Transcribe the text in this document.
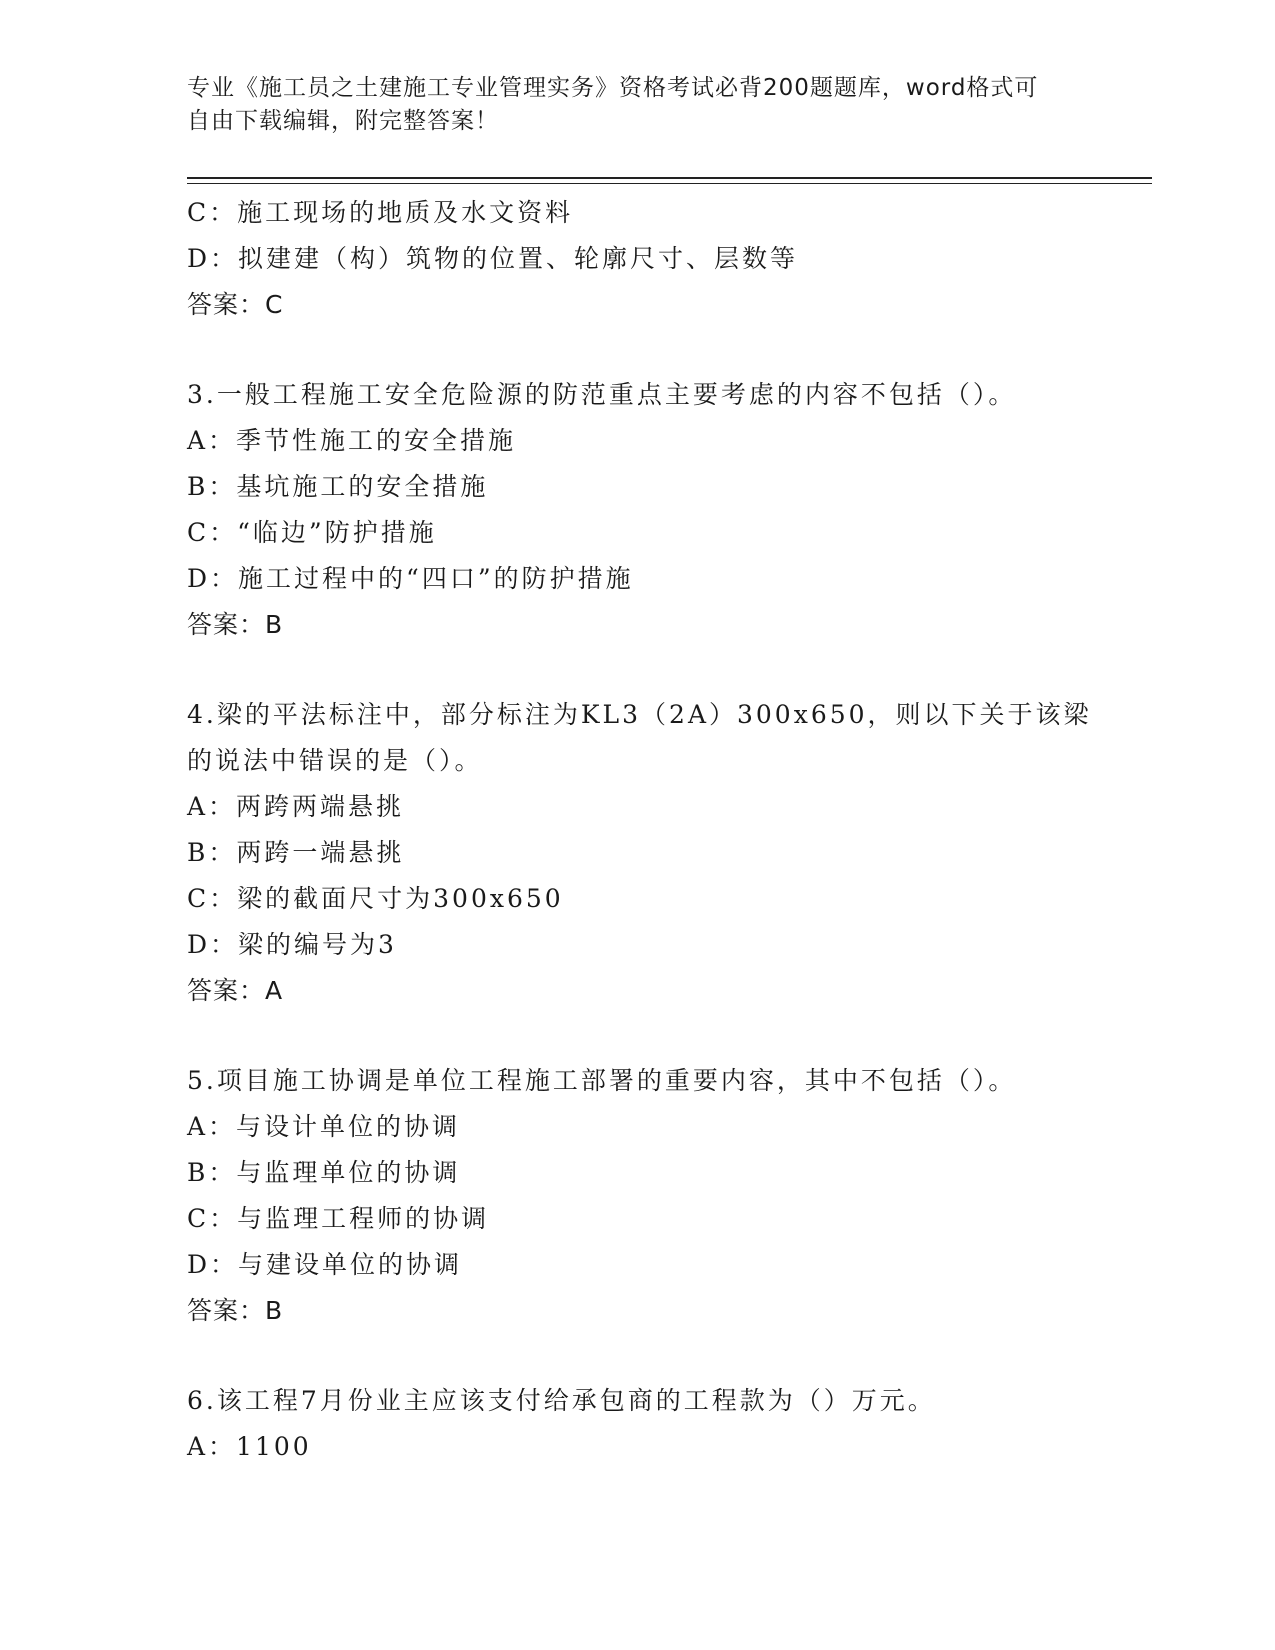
专业《施工员之土建施工专业管理实务》资格考试必背200题题库，word格式可
自由下载编辑，附完整答案！
C：施工现场的地质及水文资料
D：拟建建（构）筑物的位置、轮廓尺寸、层数等
答案：C
3.一般工程施工安全危险源的防范重点主要考虑的内容不包括（）。
A：季节性施工的安全措施
B：基坑施工的安全措施
C：“临边”防护措施
D：施工过程中的“四口”的防护措施
答案：B
4.梁的平法标注中，部分标注为KL3（2A）300x650，则以下关于该梁
的说法中错误的是（）。
A：两跨两端悬挑
B：两跨一端悬挑
C：梁的截面尺寸为300x650
D：梁的编号为3
答案：A
5.项目施工协调是单位工程施工部署的重要内容，其中不包括（）。
A：与设计单位的协调
B：与监理单位的协调
C：与监理工程师的协调
D：与建设单位的协调
答案：B
6.该工程7月份业主应该支付给承包商的工程款为（）万元。
A：1100
